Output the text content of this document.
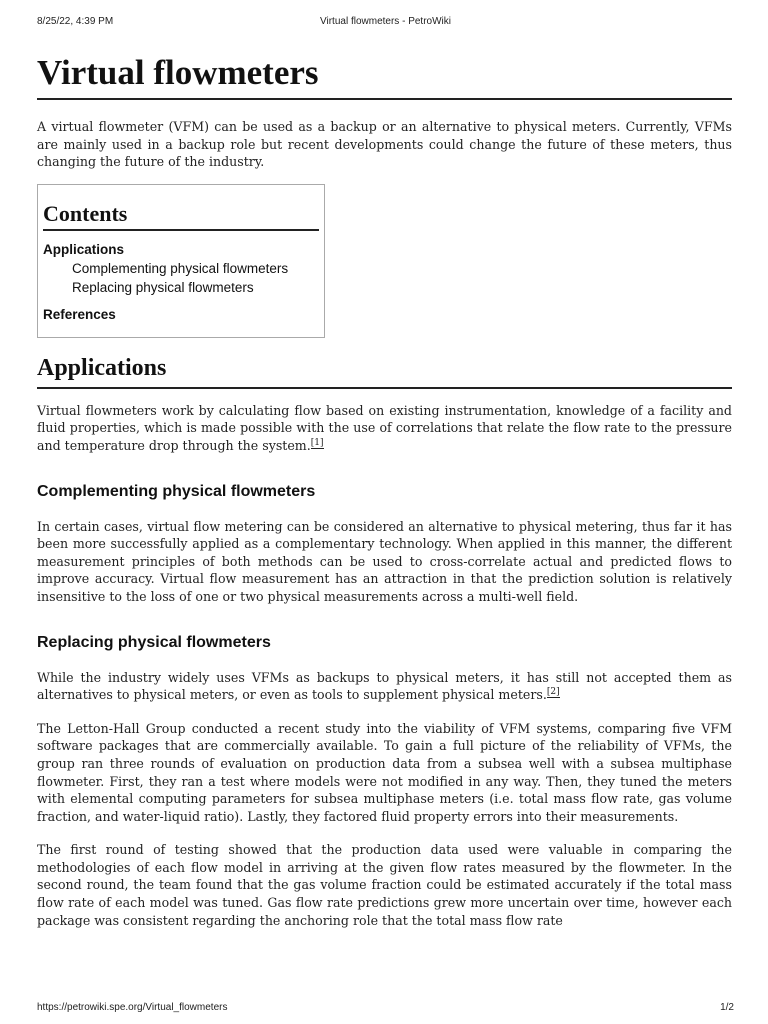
8/25/22, 4:39 PM	Virtual flowmeters - PetroWiki
Virtual flowmeters

A virtual flowmeter (VFM) can be used as a backup or an alternative to physical meters. Currently, VFMs are mainly used in a backup role but recent developments could change the future of these meters, thus changing the future of the industry.

Contents
Applications
Complementing physical flowmeters
Replacing physical flowmeters
References
Applications

Virtual flowmeters work by calculating flow based on existing instrumentation, knowledge of a facility and fluid properties, which is made possible with the use of correlations that relate the flow rate to the pressure and temperature drop through the system.[1]

Complementing physical flowmeters

In certain cases, virtual flow metering can be considered an alternative to physical metering, thus far it has been more successfully applied as a complementary technology. When applied in this manner, the different measurement principles of both methods can be used to cross-correlate actual and predicted flows to improve accuracy. Virtual flow measurement has an attraction in that the prediction solution is relatively insensitive to the loss of one or two physical measurements across a multi-well field.

Replacing physical flowmeters

While the industry widely uses VFMs as backups to physical meters, it has still not accepted them as alternatives to physical meters, or even as tools to supplement physical meters.[2]

The Letton-Hall Group conducted a recent study into the viability of VFM systems, comparing five VFM software packages that are commercially available. To gain a full picture of the reliability of VFMs, the group ran three rounds of evaluation on production data from a subsea well with a subsea multiphase flowmeter. First, they ran a test where models were not modified in any way. Then, they tuned the meters with elemental computing parameters for subsea multiphase meters (i.e. total mass flow rate, gas volume fraction, and water-liquid ratio). Lastly, they factored fluid property errors into their measurements.

The first round of testing showed that the production data used were valuable in comparing the methodologies of each flow model in arriving at the given flow rates measured by the flowmeter. In the second round, the team found that the gas volume fraction could be estimated accurately if the total mass flow rate of each model was tuned. Gas flow rate predictions grew more uncertain over time, however each package was consistent regarding the anchoring role that the total mass flow rate

https://petrowiki.spe.org/Virtual_flowmeters	1/2
